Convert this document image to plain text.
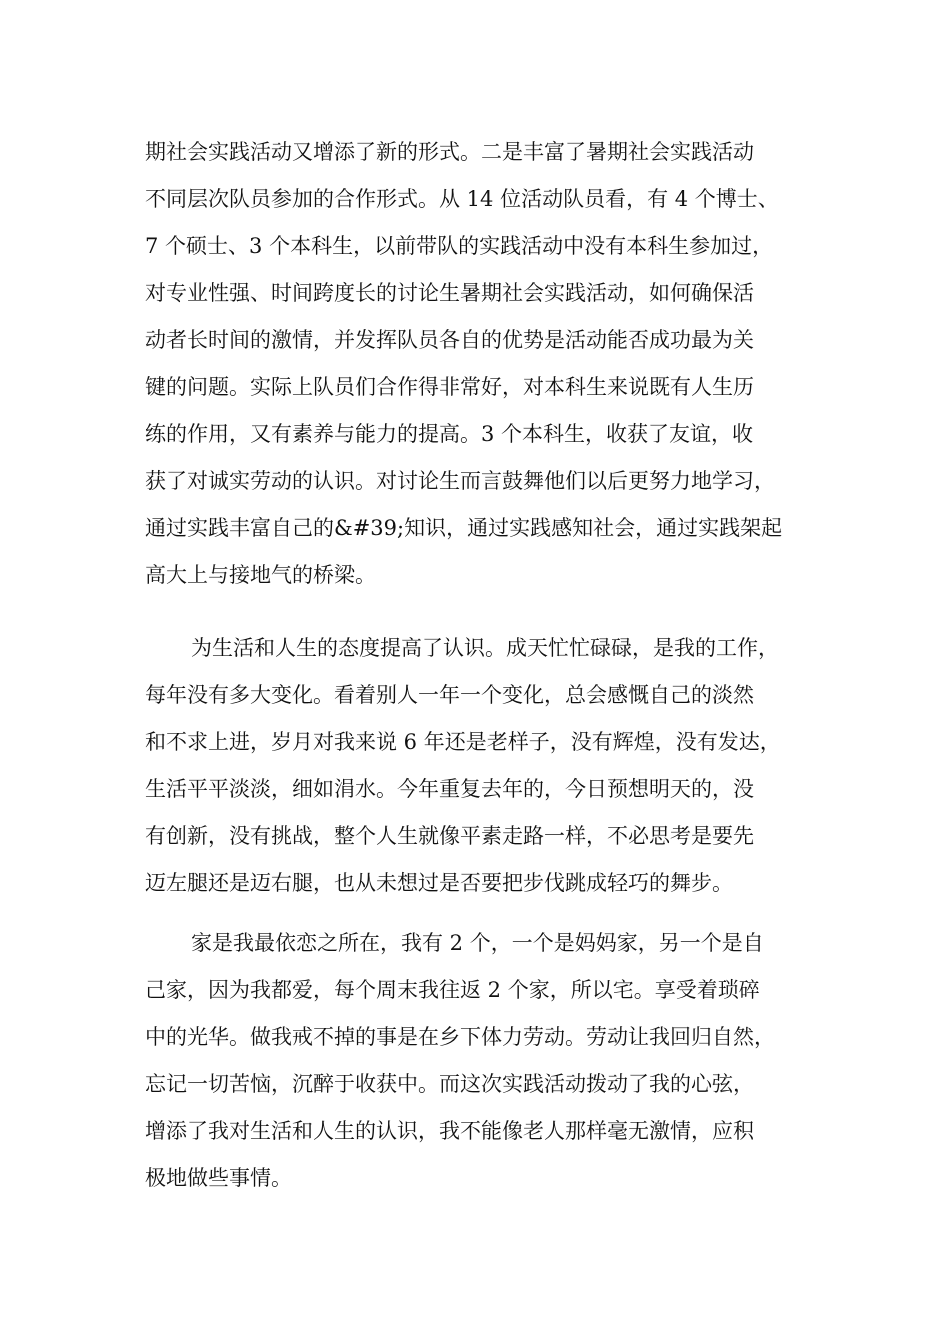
期社会实践活动又增添了新的形式。二是丰富了暑期社会实践活动
不同层次队员参加的合作形式。从 14 位活动队员看，有 4 个博士、
7 个硕士、3 个本科生，以前带队的实践活动中没有本科生参加过，
对专业性强、时间跨度长的讨论生暑期社会实践活动，如何确保活
动者长时间的激情，并发挥队员各自的优势是活动能否成功最为关
键的问题。实际上队员们合作得非常好，对本科生来说既有人生历
练的作用，又有素养与能力的提高。3 个本科生，收获了友谊，收
获了对诚实劳动的认识。对讨论生而言鼓舞他们以后更努力地学习，
通过实践丰富自己的&#39;知识，通过实践感知社会，通过实践架起
高大上与接地气的桥梁。
为生活和人生的态度提高了认识。成天忙忙碌碌，是我的工作，
每年没有多大变化。看着别人一年一个变化，总会感慨自己的淡然
和不求上进，岁月对我来说 6 年还是老样子，没有辉煌，没有发达，
生活平平淡淡，细如涓水。今年重复去年的，今日预想明天的，没
有创新，没有挑战，整个人生就像平素走路一样，不必思考是要先
迈左腿还是迈右腿，也从未想过是否要把步伐跳成轻巧的舞步。
家是我最依恋之所在，我有 2 个，一个是妈妈家，另一个是自
己家，因为我都爱，每个周末我往返 2 个家，所以宅。享受着琐碎
中的光华。做我戒不掉的事是在乡下体力劳动。劳动让我回归自然，
忘记一切苦恼，沉醉于收获中。而这次实践活动拨动了我的心弦，
增添了我对生活和人生的认识，我不能像老人那样毫无激情，应积
极地做些事情。
